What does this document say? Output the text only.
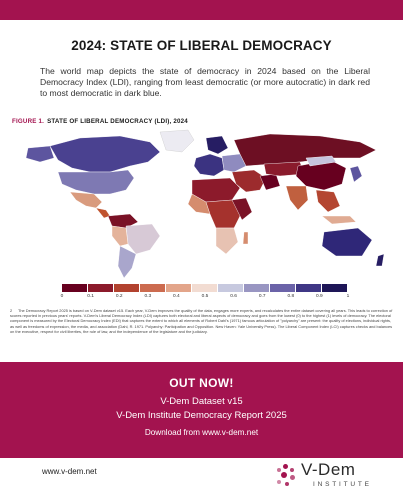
2024: STATE OF LIBERAL DEMOCRACY
The world map depicts the state of democracy in 2024 based on the Liberal Democracy Index (LDI), ranging from least democratic (or more autocratic) in dark red to most democratic in dark blue.
FIGURE 1. STATE OF LIBERAL DEMOCRACY (LDI), 2024
0	0.1	0.2	0.3	0.4	0.5	0.6	0.7	0.8	0.9	1
2 The Democracy Report 2025 is based on V-Dem dataset v15. Each year, V-Dem improves the quality of the data, engages more experts, and recalculates the entire dataset covering all years. This leads to correction of scores reported in previous years' reports. V-Dem's Liberal Democracy Index (LDI) captures both electoral and liberal aspects of democracy and goes from the lowest (0) to the highest (1) levels of democracy. The electoral component is measured by the Electoral Democracy Index (EDI) that captures the extent to which all elements of Robert Dahl's (1971) famous articulation of "polyarchy" are present: the quality of elections, individual rights, as well as freedoms of expression, the media, and association (Dahl, R. 1971. Polyarchy: Participation and Opposition. New Haven: Yale University Press). The Liberal Component Index (LCI) captures checks and balances on the executive, respect for civil liberties, the rule of law, and the independence of the legislature and the judiciary.
OUT NOW!
V-Dem Dataset v15
V-Dem Institute Democracy Report 2025
Download from www.v-dem.net
www.v-dem.net	V-Dem
INSTITUTE
